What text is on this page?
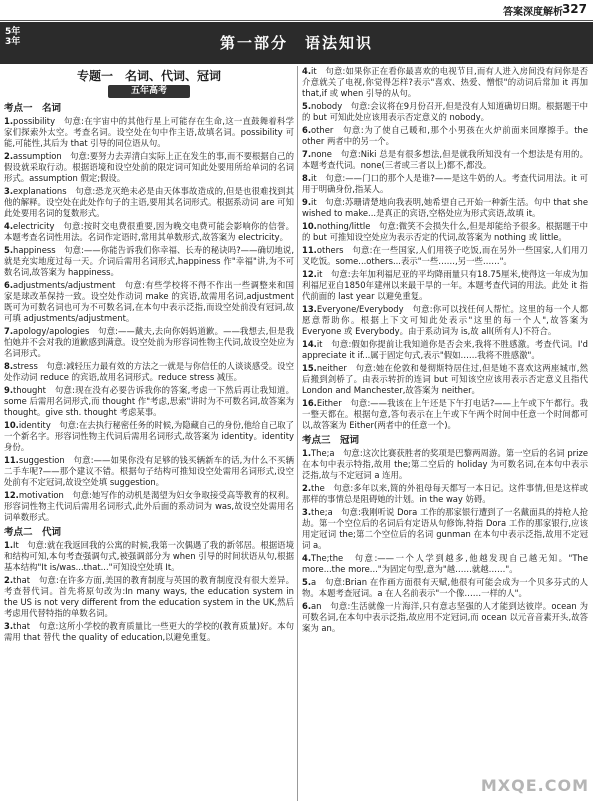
答案深度解析
327
5年
3年	第一部分　语法知识
专题一　名词、代词、冠词
五年高考
考点一　名词
1.possibility　句意:在宇宙中的其他行星上可能存在生命,这一直鼓舞着科学家们探索外太空。考查名词。设空处在句中作主语,故填名词。possibility 可能,可能性,其后为 that 引导的同位语从句。
2.assumption　句意:要努力去弄清白实际上正在发生的事,而不要根据自己的假设就采取行动。根据语境和设空处前的限定词可知此处要用所给单词的名词形式。assumption 假定;假设。
3.explanations　句意:恐龙灭绝未必是由天体事故造成的,但是也很难找到其他的解释。设空处在此处作句子的主语,要用其名词形式。根据系动词 are 可知此处要用名词的复数形式。
4.electricity　句意:按时交电费很重要,因为晚交电费可能会影响你的信誉。本题考查名词性用法。名词作定语时,常用其单数形式,故答案为 electricity。
5.happiness　句意:——你能告诉我们你幸福、长寿的秘诀吗?——确切地说,就是充实地度过每一天。介词后需用名词形式,happiness 作"幸福"讲,为不可数名词,故答案为 happiness。
6.adjustments/adjustment　句意:有些学校将不得不作出一些调整来和国家是球改革保持一致。设空处作动词 make 的宾语,故需用名词,adjustment 既可为可数名词也可为不可数名词,在本句中表示泛指,而设空处前没有冠词,故可填 adjustments/adjustment。
7.apology/apologies　句意:——戴夫,去向你妈妈道歉。——我想去,但是我怕她并不会对我的道歉感到满意。设空处前为形容词性物主代词,故设空处应为名词形式。
8.stress　句意:减轻压力最有效的方法之一就是与你信任的人谈谈感受。设空处作动词 reduce 的宾语,故用名词形式。reduce stress 减压。
9.thought　句意:现在没有必要告诉我你的答案,考虑一下然后再让我知道。some 后需用名词形式,而 thought 作"考虑,思索"讲时为不可数名词,故答案为 thought。give sth. thought 考虑某事。
10.identity　句意:在去执行秘密任务的时候,为隐藏自己的身份,他给自己取了一个新名字。形容词性物主代词后需用名词形式,故答案为 identity。identity 身份。
11.suggestion　句意:——如果你没有足够的钱买辆新车的话,为什么不买辆二手车呢?——那个建议不错。根据句子结构可推知设空处需用名词形式,设空处前有不定冠词,故设空处填 suggestion。
12.motivation　句意:她写作的动机是渴望为妇女争取接受高等教育的权利。形容词性物主代词后需用名词形式,此外后面的系动词为 was,故设空处需用名词单数形式。
考点二　代词
1.It　句意:就在我返回我的公寓的时候,我第一次偶遇了我的新邻居。根据语境和结构可知,本句考查强调句式,被强调部分为 when 引导的时间状语从句,根据基本结构"It is/was...that..."可知设空处填 It。
2.that　句意:在许多方面,美国的教育制度与英国的教育制度没有很大差异。考查替代词。首先将原句改为:In many ways, the education system in the US is not very different from the education system in the UK,然后考虑用代替特指的单数名词。
3.that　句意:这所小学校的教育质量比一些更大的学校的(教育质量)好。本句需用 that 替代 the quality of education,以避免重复。
4.it　句意:如果你正在看你最喜欢的电视节目,而有人进入房间没有问你是否介意就关了电视,你觉得怎样?表示"喜欢、热爱、憎恨"的动词后常加 it 再加 that,if 或 when 引导的从句。
5.nobody　句意:会议将在9月份召开,但是没有人知道确切日期。根据题干中的 but 可知此处应该用表示否定意义的 nobody。
6.other　句意:为了使自己暖和,那个小男孩在火炉前面来回摩擦手。the other 两者中的另一个。
7.none　句意:Niki 总是有很多想法,但是就我所知没有一个想法是有用的。本题考查代词。none(三者或三者以上)都不,都没。
8.it　句意:——门口的那个人是谁?——是这牛奶的人。考查代词用法。it 可用于明确身份,指某人。
9.it　句意:苏珊请楚地向我表明,她希望自己开始一种新生活。句中 that she wished to make...是真正的宾语,空格处应为形式宾语,故填 it。
10.nothing/little　句意:微笑不会损失什么,但是却能给予很多。根据题干中的 but 可推知设空处应为表示否定的代词,故答案为 nothing 或 little。
11.others　句意:在一些国家,人们用筷子吃饭,而在另外一些国家,人们用刀叉吃饭。some...others...表示"一些……,另一些……"。
12.it　句意:去年加利福尼亚的平均降雨量只有18.75厘米,使得这一年成为加利福尼亚自1850年建州以来最干旱的一年。本题考查代词的用法。此处 it 指代前面的 last year 以避免重复。
13.Everyone/Everybody　句意:你可以找任何人帮忙。这里的每一个人都愿意帮助你。根据上下文可知此处表示"这里的每一个人",故答案为 Everyone 或 Everybody。由于系动词为 is,故 all(所有人)不符合。
14.it　句意:假如你提前让我知道你是否会来,我将不胜感激。考查代词。I'd appreciate it if...属于固定句式,表示"假如……我将不胜感激"。
15.neither　句意:她在伦敦和曼彻斯特居住过,但是她不喜欢这两座城市,然后搬到剑桥了。由表示转折的连词 but 可知该空应该用表示否定意义且指代 London and Manchester,故答案为 neither。
16.Either　句意:——我该在上午还是下午打电话?——上午或下午都行。我一整天都在。根据句意,答句表示在上午或下午两个时间中任意一个时间都可以,故答案为 Either(两者中的任意一个)。
考点三　冠词
1.The;a　句意:这次比赛获胜者的奖项是巴黎两周游。第一空后的名词 prize 在本句中表示特指,故用 the;第二空后的 holiday 为可数名词,在本句中表示泛指,故与不定冠词 a 连用。
2.the　句意:多年以来,简的外祖母每天都写一本日记。这件事情,但是这样或那样的事情总是阻碍她的计划。in the way 妨碍。
3.the;a　句意:我刚听说 Dora 工作的那家银行遭到了一名戴面具的持枪人抢劫。第一个空位后的名词后有定语从句修饰,特指 Dora 工作的那家银行,应该用定冠词 the;第二个空位后的名词 gunman 在本句中表示泛指,故用不定冠词 a。
4.The;the　句意:——一个人学到越多,他越发现自己越无知。"The more...the more..."为固定句型,意为"越……就越……"。
5.a　句意:Brian 在作画方面很有天赋,他很有可能会成为一个贝多芬式的人物。本题考查冠词。a 在人名前表示"一个像……一样的人"。
6.an　句意:生活就像一片海洋,只有意志坚强的人才能到达彼岸。ocean 为可数名词,在本句中表示泛指,故应用不定冠词,而 ocean 以元音音素开头,故答案为 an。
MXQE.COM
